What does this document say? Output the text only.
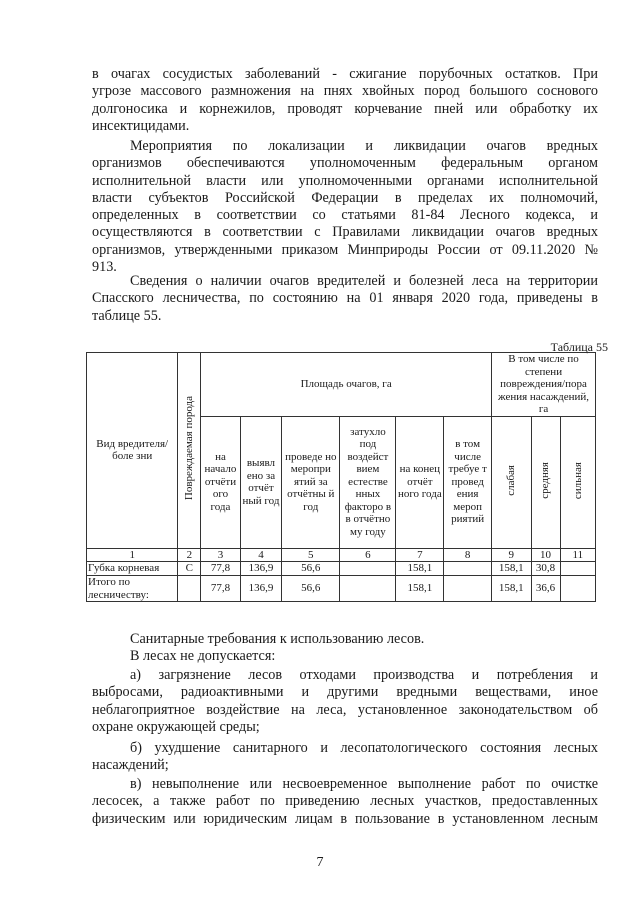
в очагах сосудистых заболеваний - сжигание порубочных остатков. При
угрозе массового размножения на пнях хвойных пород большого соснового
долгоносика и корнежилов, проводят корчевание пней или обработку их
инсектицидами.
Мероприятия по локализации и ликвидации очагов вредных
организмов обеспечиваются уполномоченным федеральным органом
исполнительной власти или уполномоченными органами исполнительной
власти субъектов Российской Федерации в пределах их полномочий,
определенных в соответствии со статьями 81-84 Лесного кодекса, и
осуществляются в соответствии с Правилами ликвидации очагов вредных
организмов, утвержденными приказом Минприроды России от 09.11.2020 №
913.
Сведения о наличии очагов вредителей и болезней леса на территории
Спасского лесничества, по состоянию на 01 января 2020 года, приведены в
таблице 55.
Таблица 55
Вид вредителя/боле зни	Повреждаемая порода	Площадь очагов, га						В том числе по степени повреждения/пора жения насаждений, га		
		на начало отчёти ого года	выявл ено за отчёт ный год	проведе но меропри ятий за отчётны й год	затухло под воздейст вием естестве нных факторо в в отчётно му году	на конец отчёт ного года	в том числе требуе т провед ения мероп риятий	слабая	средняя	сильная
1	2	3	4	5	6	7	8	9	10	11
Губка корневая	С	77,8	136,9	56,6		158,1		158,1	30,8	
Итого по лесничеству:		77,8	136,9	56,6		158,1		158,1	36,6	
Санитарные требования к использованию лесов.
В лесах не допускается:
а) загрязнение лесов отходами производства и потребления и
выбросами, радиоактивными и другими вредными веществами, иное
неблагоприятное воздействие на леса, установленное законодательством об
охране окружающей среды;
б) ухудшение санитарного и лесопатологического состояния лесных
насаждений;
в) невыполнение или несвоевременное выполнение работ по очистке
лесосек, а также работ по приведению лесных участков, предоставленных
физическим или юридическим лицам в пользование в установленном лесным
7
